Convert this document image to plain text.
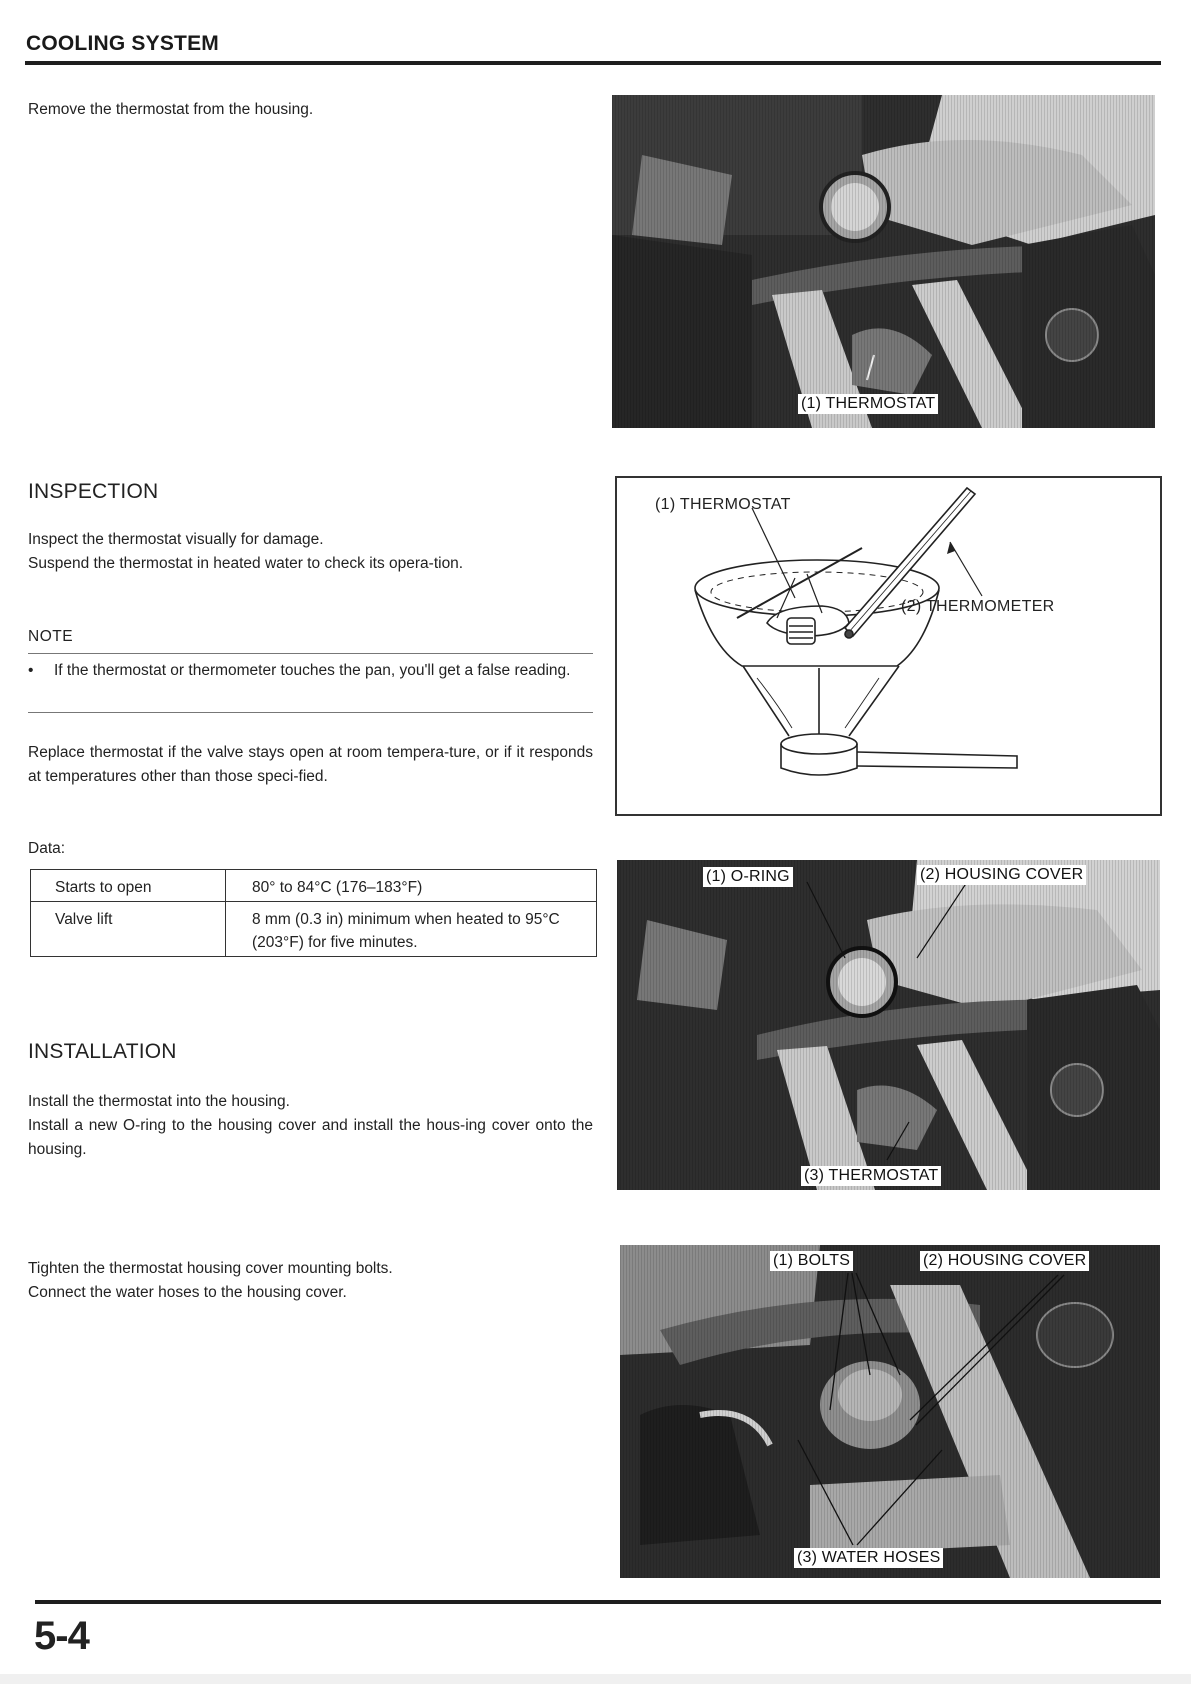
COOLING SYSTEM
Remove the thermostat from the housing.
(1) THERMOSTAT
INSPECTION
Inspect the thermostat visually for damage.
Suspend the thermostat in heated water to check its opera-tion.
NOTE
•	If the thermostat or thermometer touches the pan, you'll get a false reading.
Replace thermostat if the valve stays open at room tempera-ture, or if it responds at temperatures other than those speci-fied.
Data:
Starts to open	80° to 84°C (176–183°F)
Valve lift	8 mm (0.3 in) minimum when heated to 95°C (203°F) for five minutes.
(1) THERMOSTAT
(2) THERMOMETER
INSTALLATION
Install the thermostat into the housing.
Install a new O-ring to the housing cover and install the hous-ing cover onto the housing.
(1) O-RING	(2) HOUSING COVER
(3) THERMOSTAT
Tighten the thermostat housing cover mounting bolts.
Connect the water hoses to the housing cover.
(1) BOLTS	(2) HOUSING COVER
(3) WATER HOSES
5-4
